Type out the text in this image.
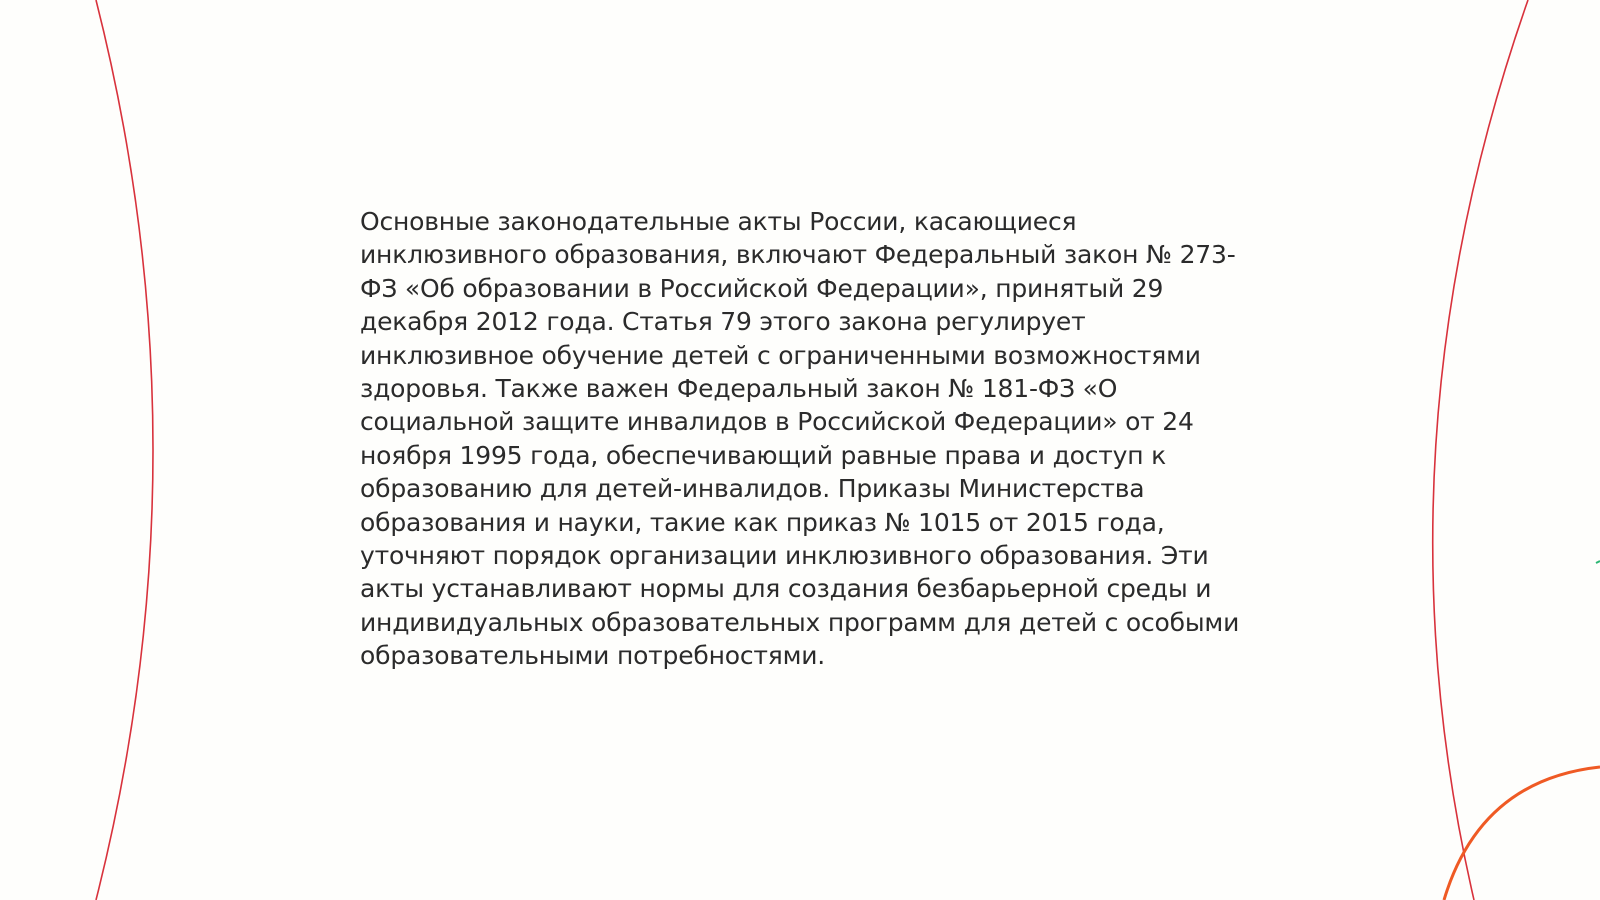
Основные законодательные акты России, касающиеся инклюзивного образования, включают Федеральный закон № 273-ФЗ «Об образовании в Российской Федерации», принятый 29 декабря 2012 года. Статья 79 этого закона регулирует инклюзивное обучение детей с ограниченными возможностями здоровья. Также важен Федеральный закон № 181-ФЗ «О социальной защите инвалидов в Российской Федерации» от 24 ноября 1995 года, обеспечивающий равные права и доступ к образованию для детей-инвалидов. Приказы Министерства образования и науки, такие как приказ № 1015 от 2015 года, уточняют порядок организации инклюзивного образования. Эти акты устанавливают нормы для создания безбарьерной среды и индивидуальных образовательных программ для детей с особыми образовательными потребностями.
